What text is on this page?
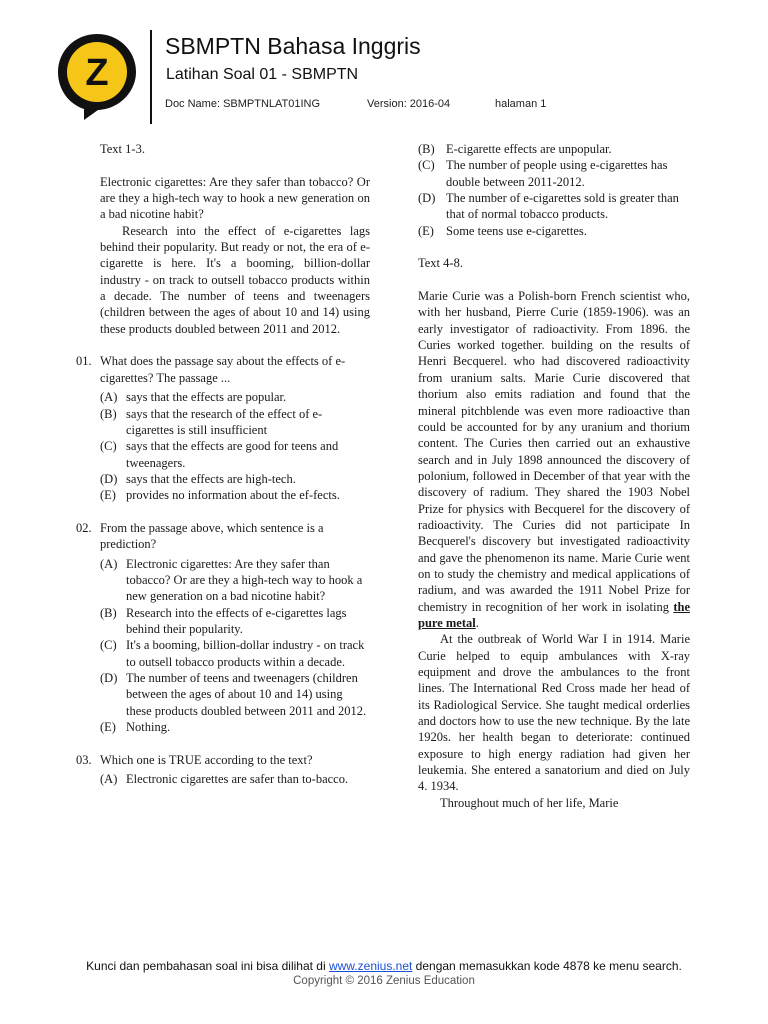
Z
SBMPTN Bahasa Inggris
Latihan Soal 01 - SBMPTN
Doc Name: SBMPTNLAT01ING	Version: 2016-04	halaman 1

Text 1-3.

Electronic cigarettes: Are they safer than tobacco? Or are they a high-tech way to hook a new generation on a bad nicotine habit?

Research into the effect of e-cigarettes lags behind their popularity. But ready or not, the era of e-cigarette is here. It's a booming, billion-dollar industry - on track to outsell tobacco products within a decade. The number of teens and tweenagers (children between the ages of about 10 and 14) using these products doubled between 2011 and 2012.

01. What does the passage say about the effects of e-cigarettes? The passage ...
(A) says that the effects are popular.
(B) says that the research of the effect of e-cigarettes is still insufficient
(C) says that the effects are good for teens and tweenagers.
(D) says that the effects are high-tech.
(E) provides no information about the ef-fects.
02. From the passage above, which sentence is a prediction?
(A) Electronic cigarettes: Are they safer than tobacco? Or are they a high-tech way to hook a new generation on a bad nicotine habit?
(B) Research into the effects of e-cigarettes lags behind their popularity.
(C) It's a booming, billion-dollar industry - on track to outsell tobacco products within a decade.
(D) The number of teens and tweenagers (children between the ages of about 10 and 14) using these products doubled between 2011 and 2012.
(E) Nothing.
03. Which one is TRUE according to the text?
(A) Electronic cigarettes are safer than to-bacco.
(B) E-cigarette effects are unpopular.
(C) The number of people using e-cigarettes has double between 2011-2012.
(D) The number of e-cigarettes sold is greater than that of normal tobacco products.
(E) Some teens use e-cigarettes.

Text 4-8.

Marie Curie was a Polish-born French scientist who, with her husband, Pierre Curie (1859-1906). was an early investigator of radioactivity. From 1896. the Curies worked together. building on the results of Henri Becquerel. who had discovered radioactivity from uranium salts. Marie Curie discovered that thorium also emits radiation and found that the mineral pitchblende was even more radioactive than could be accounted for by any uranium and thorium content. The Curies then carried out an exhaustive search and in July 1898 announced the discovery of polonium, followed in December of that year with the discovery of radium. They shared the 1903 Nobel Prize for physics with Becquerel for the discovery of radioactivity. The Curies did not participate In Becquerel's discovery but investigated radioactivity and gave the phenomenon its name. Marie Curie went on to study the chemistry and medical applications of radium, and was awarded the 1911 Nobel Prize for chemistry in recognition of her work in isolating the pure metal.

At the outbreak of World War I in 1914. Marie Curie helped to equip ambulances with X-ray equipment and drove the ambulances to the front lines. The International Red Cross made her head of its Radiological Service. She taught medical orderlies and doctors how to use the new technique. By the late 1920s. her health began to deteriorate: continued exposure to high energy radiation had given her leukemia. She entered a sanatorium and died on July 4. 1934.

Throughout much of her life, Marie

Kunci dan pembahasan soal ini bisa dilihat di www.zenius.net dengan memasukkan kode 4878 ke menu search.
Copyright © 2016 Zenius Education
